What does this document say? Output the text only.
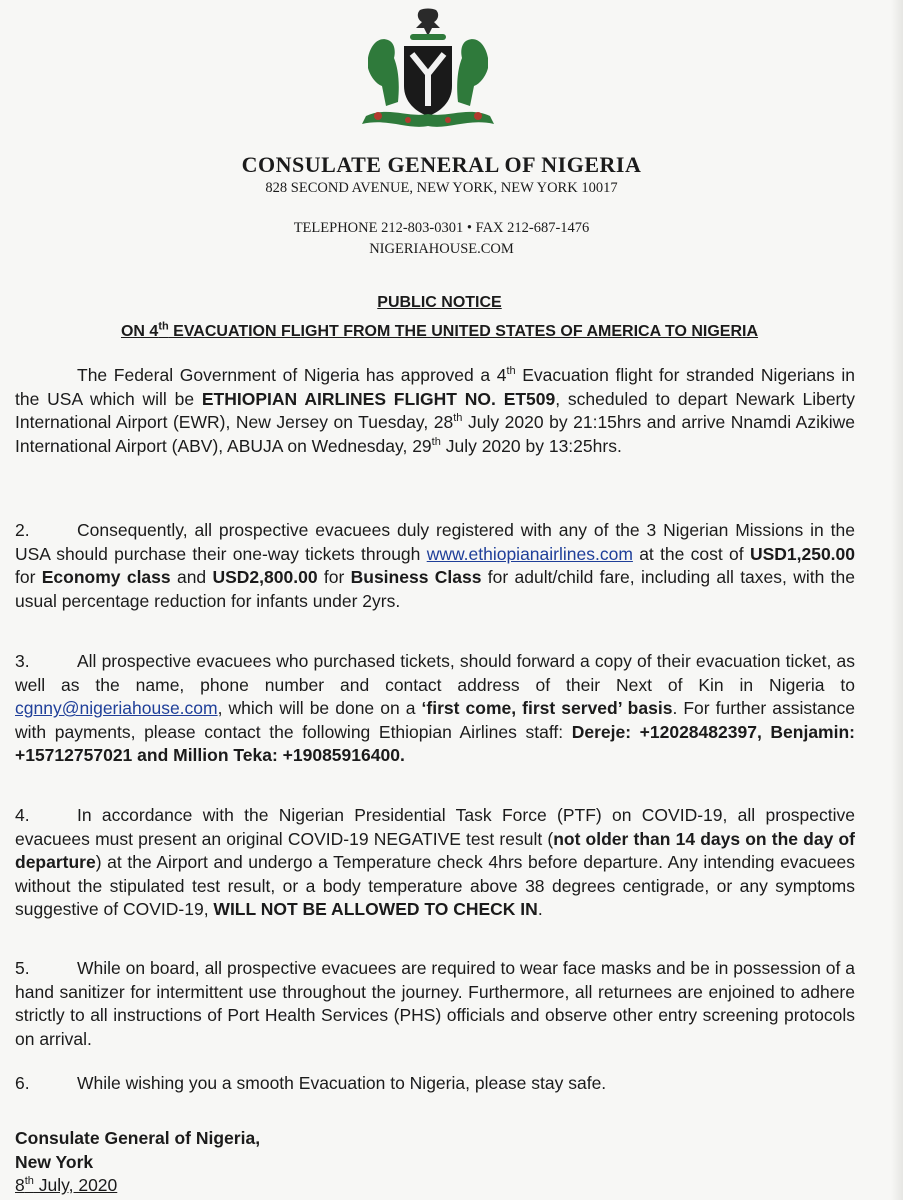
CONSULATE GENERAL OF NIGERIA
828 SECOND AVENUE, NEW YORK, NEW YORK 10017
TELEPHONE 212-803-0301 • FAX 212-687-1476
NIGERIAHOUSE.COM
PUBLIC NOTICE
ON 4th EVACUATION FLIGHT FROM THE UNITED STATES OF AMERICA TO NIGERIA
The Federal Government of Nigeria has approved a 4th Evacuation flight for stranded Nigerians in the USA which will be ETHIOPIAN AIRLINES FLIGHT NO. ET509, scheduled to depart Newark Liberty International Airport (EWR), New Jersey on Tuesday, 28th July 2020 by 21:15hrs and arrive Nnamdi Azikiwe International Airport (ABV), ABUJA on Wednesday, 29th July 2020 by 13:25hrs.
2.	Consequently, all prospective evacuees duly registered with any of the 3 Nigerian Missions in the USA should purchase their one-way tickets through www.ethiopianairlines.com at the cost of USD1,250.00 for Economy class and USD2,800.00 for Business Class for adult/child fare, including all taxes, with the usual percentage reduction for infants under 2yrs.
3.	All prospective evacuees who purchased tickets, should forward a copy of their evacuation ticket, as well as the name, phone number and contact address of their Next of Kin in Nigeria to cgnny@nigeriahouse.com, which will be done on a ‘first come, first served’ basis. For further assistance with payments, please contact the following Ethiopian Airlines staff: Dereje: +12028482397, Benjamin: +15712757021 and Million Teka: +19085916400.
4.	In accordance with the Nigerian Presidential Task Force (PTF) on COVID-19, all prospective evacuees must present an original COVID-19 NEGATIVE test result (not older than 14 days on the day of departure) at the Airport and undergo a Temperature check 4hrs before departure. Any intending evacuees without the stipulated test result, or a body temperature above 38 degrees centigrade, or any symptoms suggestive of COVID-19, WILL NOT BE ALLOWED TO CHECK IN.
5.	While on board, all prospective evacuees are required to wear face masks and be in possession of a hand sanitizer for intermittent use throughout the journey. Furthermore, all returnees are enjoined to adhere strictly to all instructions of Port Health Services (PHS) officials and observe other entry screening protocols on arrival.
6.	While wishing you a smooth Evacuation to Nigeria, please stay safe.
Consulate General of Nigeria,
New York
8th July, 2020
